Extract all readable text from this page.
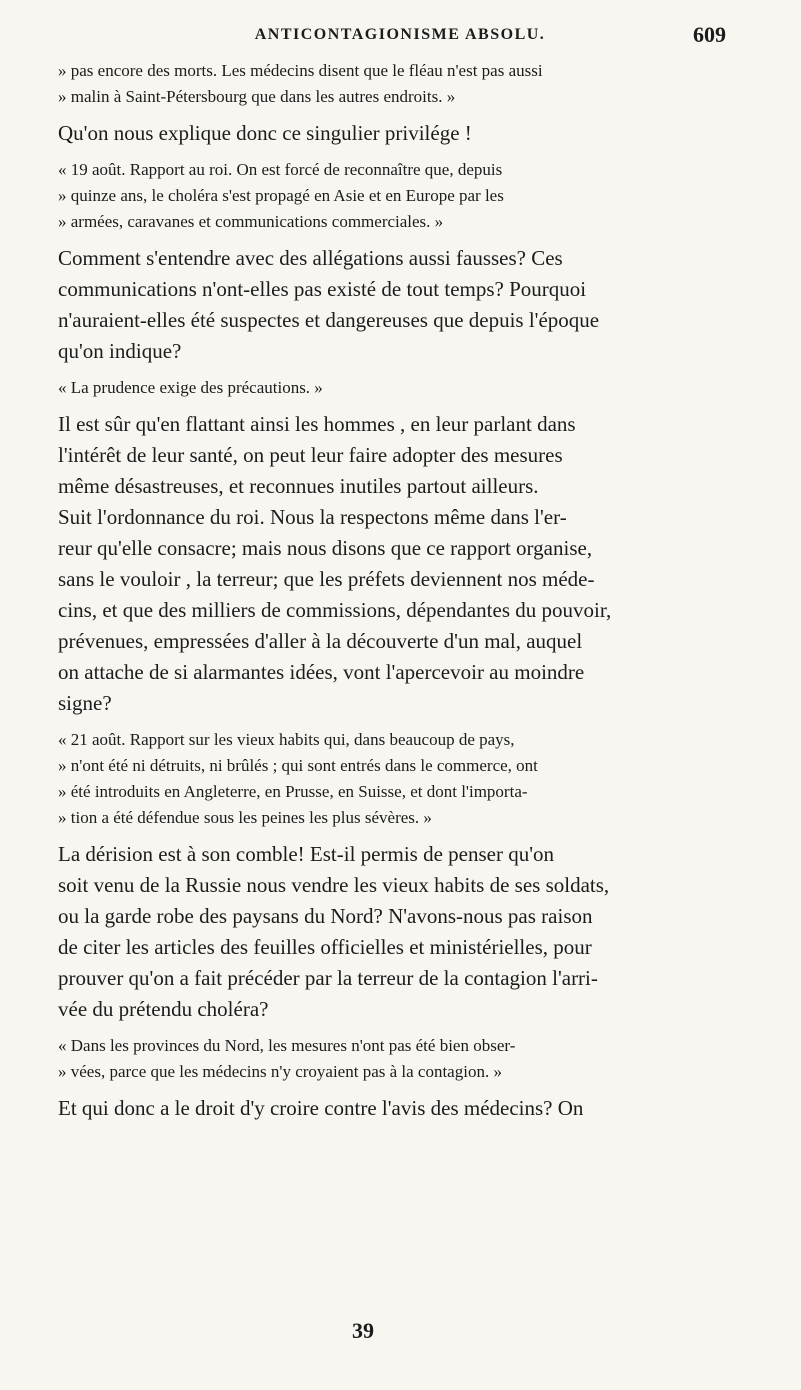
ANTICONTAGIONISME ABSOLU.	609
» pas encore des morts. Les médecins disent que le fléau n'est pas aussi
» malin à Saint-Pétersbourg que dans les autres endroits. »
Qu'on nous explique donc ce singulier privilége !
« 19 août. Rapport au roi. On est forcé de reconnaître que, depuis
» quinze ans, le choléra s'est propagé en Asie et en Europe par les
» armées, caravanes et communications commerciales. »
Comment s'entendre avec des allégations aussi fausses? Ces
communications n'ont-elles pas existé de tout temps? Pourquoi
n'auraient-elles été suspectes et dangereuses que depuis l'époque
qu'on indique?
« La prudence exige des précautions. »
Il est sûr qu'en flattant ainsi les hommes , en leur parlant dans
l'intérêt de leur santé, on peut leur faire adopter des mesures
même désastreuses, et reconnues inutiles partout ailleurs.
Suit l'ordonnance du roi. Nous la respectons même dans l'er-
reur qu'elle consacre; mais nous disons que ce rapport organise,
sans le vouloir , la terreur; que les préfets deviennent nos méde-
cins, et que des milliers de commissions, dépendantes du pouvoir,
prévenues, empressées d'aller à la découverte d'un mal, auquel
on attache de si alarmantes idées, vont l'apercevoir au moindre
signe?
« 21 août. Rapport sur les vieux habits qui, dans beaucoup de pays,
» n'ont été ni détruits, ni brûlés ; qui sont entrés dans le commerce, ont
» été introduits en Angleterre, en Prusse, en Suisse, et dont l'importa-
» tion a été défendue sous les peines les plus sévères. »
La dérision est à son comble! Est-il permis de penser qu'on
soit venu de la Russie nous vendre les vieux habits de ses soldats,
ou la garde robe des paysans du Nord? N'avons-nous pas raison
de citer les articles des feuilles officielles et ministérielles, pour
prouver qu'on a fait précéder par la terreur de la contagion l'arri-
vée du prétendu choléra?
« Dans les provinces du Nord, les mesures n'ont pas été bien obser-
» vées, parce que les médecins n'y croyaient pas à la contagion. »
Et qui donc a le droit d'y croire contre l'avis des médecins? On
39
